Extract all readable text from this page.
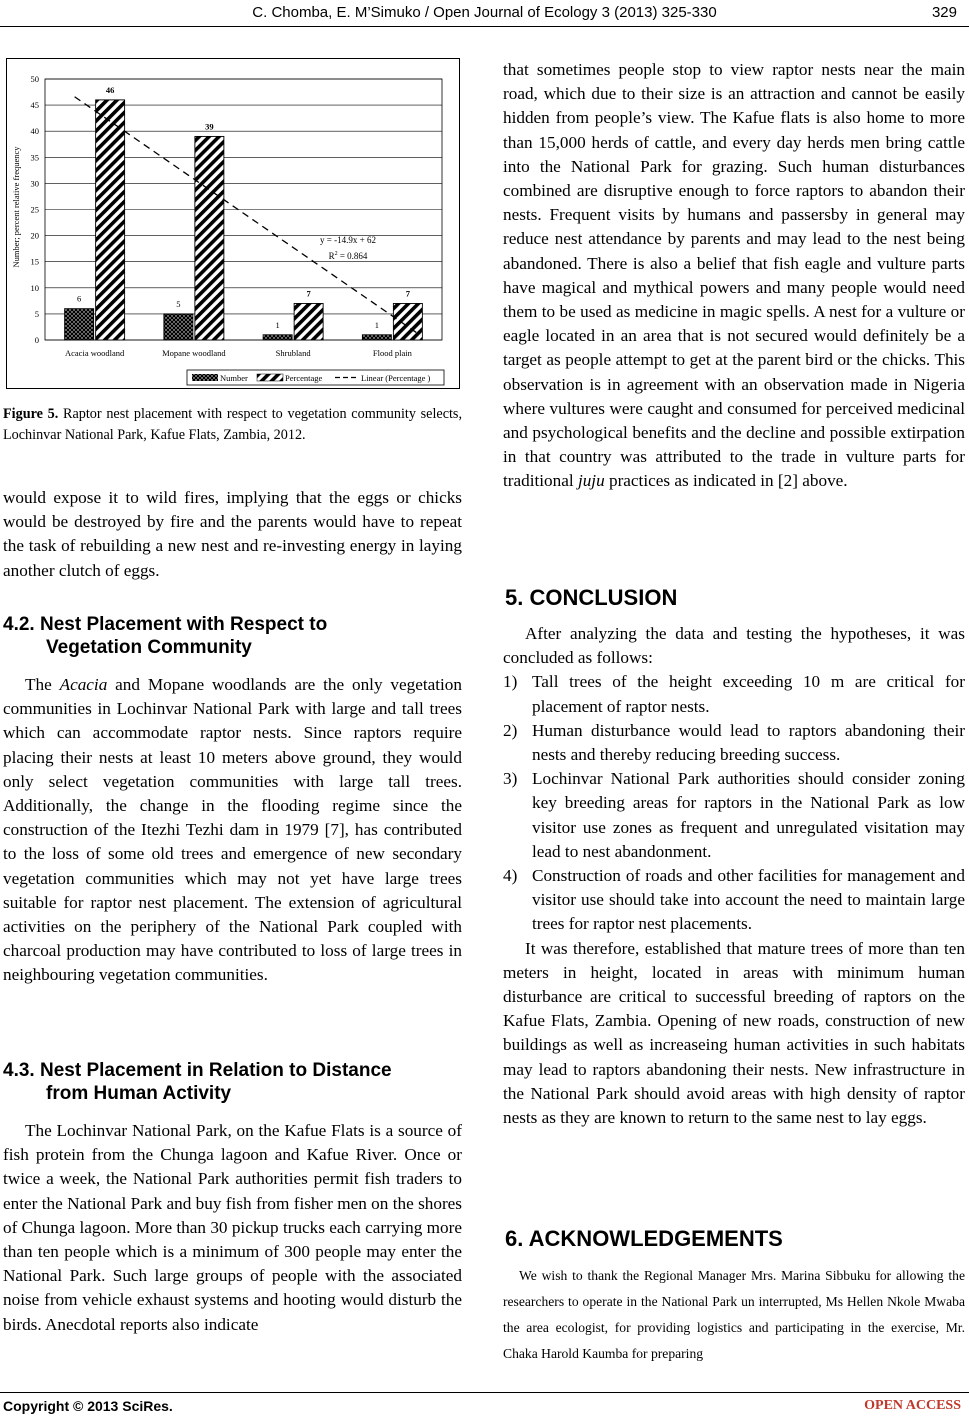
C. Chomba, E. M’Simuko / Open Journal of Ecology 3 (2013) 325-330	329
0
5
10
15
20
25
30
35
40
45
50
6
46
Acacia woodland
5
39
Mopane woodland
1
7
Shrubland
1
7
Flood plain
Number; percent relative frequency	y = -14.9x + 62
$R^2 = 0.864$
Number	Percentage	Linear (Percentage )
Figure 5. Raptor nest placement with respect to vegetation community selects, Lochinvar National Park, Kafue Flats, Zambia, 2012.

would expose it to wild fires, implying that the eggs or chicks would be destroyed by fire and the parents would have to repeat the task of rebuilding a new nest and re-investing energy in laying another clutch of eggs.

4.2. Nest Placement with Respect to
Vegetation Community

The Acacia and Mopane woodlands are the only vegetation communities in Lochinvar National Park with large and tall trees which can accommodate raptor nests. Since raptors require placing their nests at least 10 meters above ground, they would only select vegetation communities with large tall trees. Additionally, the change in the flooding regime since the construction of the Itezhi Tezhi dam in 1979 [7], has contributed to the loss of some old trees and emergence of new secondary vegetation communities which may not yet have large trees suitable for raptor nest placement. The extension of agricultural activities on the periphery of the National Park coupled with charcoal production may have contributed to loss of large trees in neighbouring vegetation communities.

4.3. Nest Placement in Relation to Distance
from Human Activity

The Lochinvar National Park, on the Kafue Flats is a source of fish protein from the Chunga lagoon and Kafue River. Once or twice a week, the National Park authorities permit fish traders to enter the National Park and buy fish from fisher men on the shores of Chunga lagoon. More than 30 pickup trucks each carrying more than ten people which is a minimum of 300 people may enter the National Park. Such large groups of people with the associated noise from vehicle exhaust systems and hooting would disturb the birds. Anecdotal reports also indicate

that sometimes people stop to view raptor nests near the main road, which due to their size is an attraction and cannot be easily hidden from people’s view. The Kafue flats is also home to more than 15,000 herds of cattle, and every day herds men bring cattle into the National Park for grazing. Such human disturbances combined are disruptive enough to force raptors to abandon their nests. Frequent visits by humans and passersby in general may reduce nest attendance by parents and may lead to the nest being abandoned. There is also a belief that fish eagle and vulture parts have magical and mythical powers and many people would need them to be used as medicine in magic spells. A nest for a vulture or eagle located in an area that is not secured would definitely be a target as people attempt to get at the parent bird or the chicks. This observation is in agreement with an observation made in Nigeria where vultures were caught and consumed for perceived medicinal and psychological benefits and the decline and possible extirpation in that country was attributed to the trade in vulture parts for traditional juju practices as indicated in [2] above.

5. CONCLUSION

After analyzing the data and testing the hypotheses, it was concluded as follows:

1) Tall trees of the height exceeding 10 m are critical for placement of raptor nests.
2) Human disturbance would lead to raptors abandoning their nests and thereby reducing breeding success.
3) Lochinvar National Park authorities should consider zoning key breeding areas for raptors in the National Park as low visitor use zones as frequent and unregulated visitation may lead to nest abandonment.
4) Construction of roads and other facilities for management and visitor use should take into account the need to maintain large trees for raptor nest placements.

It was therefore, established that mature trees of more than ten meters in height, located in areas with minimum human disturbance are critical to successful breeding of raptors on the Kafue Flats, Zambia. Opening of new roads, construction of new buildings as well as increaseing human activities in such habitats may lead to raptors abandoning their nests. New infrastructure in the National Park should avoid areas with high density of raptor nests as they are known to return to the same nest to lay eggs.

6. ACKNOWLEDGEMENTS

We wish to thank the Regional Manager Mrs. Marina Sibbuku for allowing the researchers to operate in the National Park un interrupted, Ms Hellen Nkole Mwaba the area ecologist, for providing logistics and participating in the exercise, Mr. Chaka Harold Kaumba for preparing

Copyright © 2013 SciRes.	OPEN ACCESS
